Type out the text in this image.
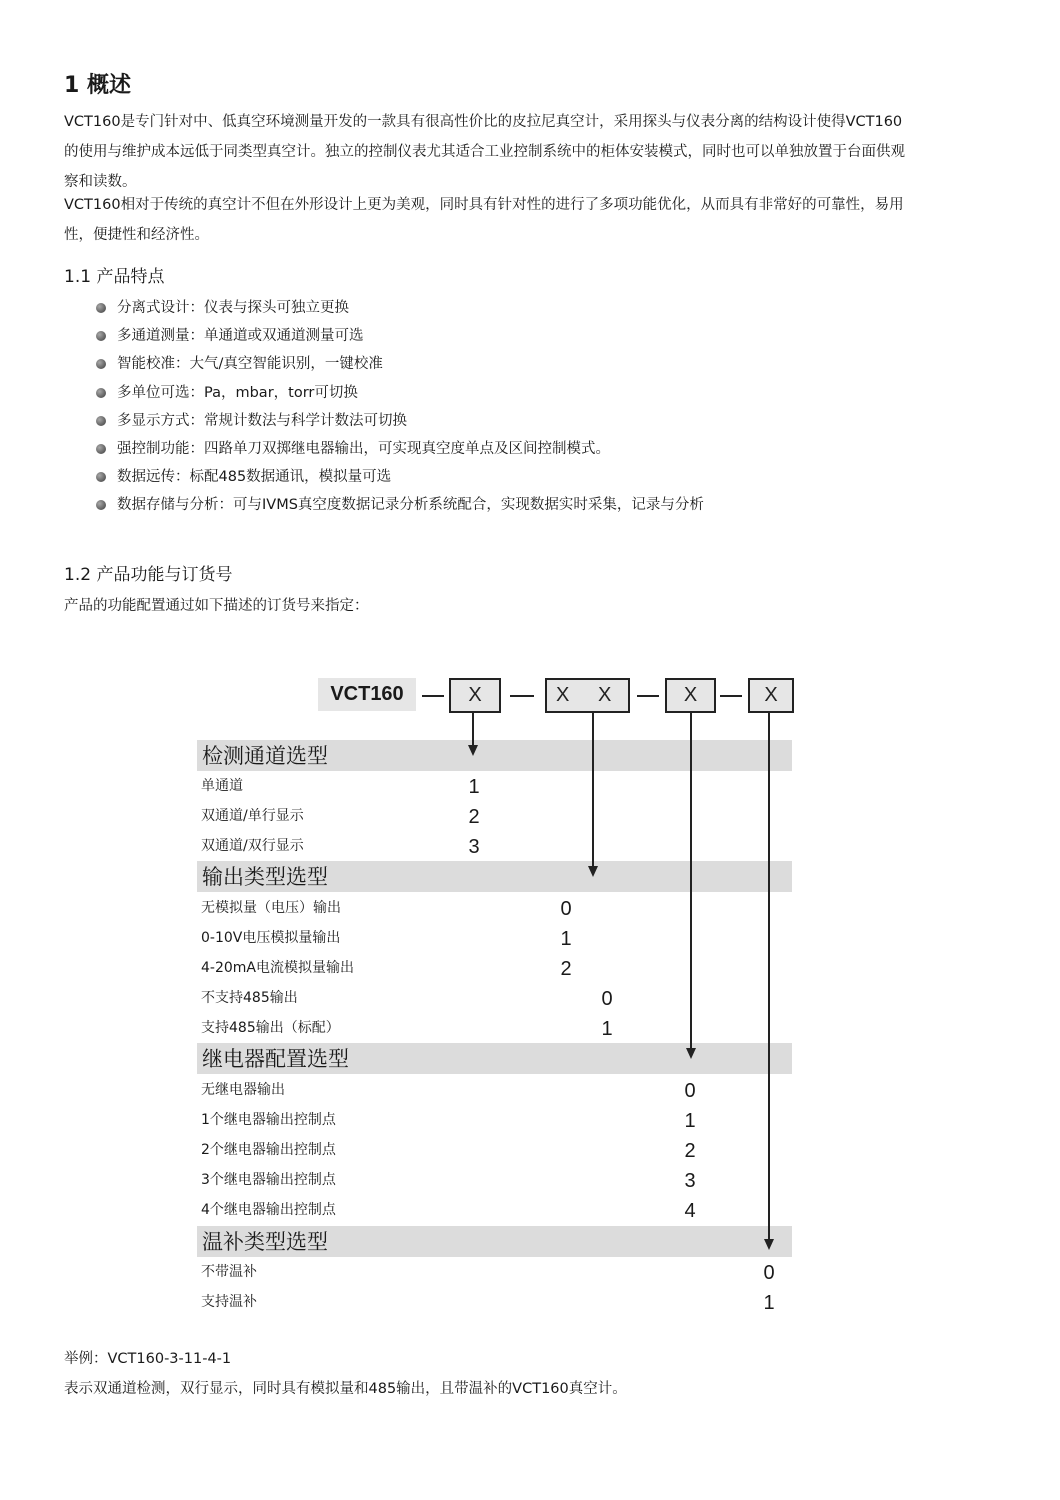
1 概述

VCT160是专门针对中、低真空环境测量开发的一款具有很高性价比的皮拉尼真空计，采用探头与仪表分离的结构设计使得VCT160
的使用与维护成本远低于同类型真空计。独立的控制仪表尤其适合工业控制系统中的柜体安装模式，同时也可以单独放置于台面供观
察和读数。

VCT160相对于传统的真空计不但在外形设计上更为美观，同时具有针对性的进行了多项功能优化，从而具有非常好的可靠性，易用
性，便捷性和经济性。

1.1 产品特点
分离式设计：仪表与探头可独立更换
多通道测量：单通道或双通道测量可选
智能校准：大气/真空智能识别，一键校准
多单位可选：Pa，mbar，torr可切换
多显示方式：常规计数法与科学计数法可切换
强控制功能：四路单刀双掷继电器输出，可实现真空度单点及区间控制模式。
数据远传：标配485数据通讯，模拟量可选
数据存储与分析：可与IVMS真空度数据记录分析系统配合，实现数据实时采集，记录与分析
1.2 产品功能与订货号

产品的功能配置通过如下描述的订货号来指定：

VCT160	X	X X	X	X
检测通道选型
输出类型选型
继电器配置选型
温补类型选型
单通道	1
双通道/单行显示	2
双通道/双行显示	3
无模拟量（电压）输出	0
0-10V电压模拟量输出	1
4-20mA电流模拟量输出	2
不支持485输出	0
支持485输出（标配）	1
无继电器输出	0
1个继电器输出控制点	1
2个继电器输出控制点	2
3个继电器输出控制点	3
4个继电器输出控制点	4
不带温补	0
支持温补	1

举例：VCT160-3-11-4-1

表示双通道检测，双行显示，同时具有模拟量和485输出，且带温补的VCT160真空计。
